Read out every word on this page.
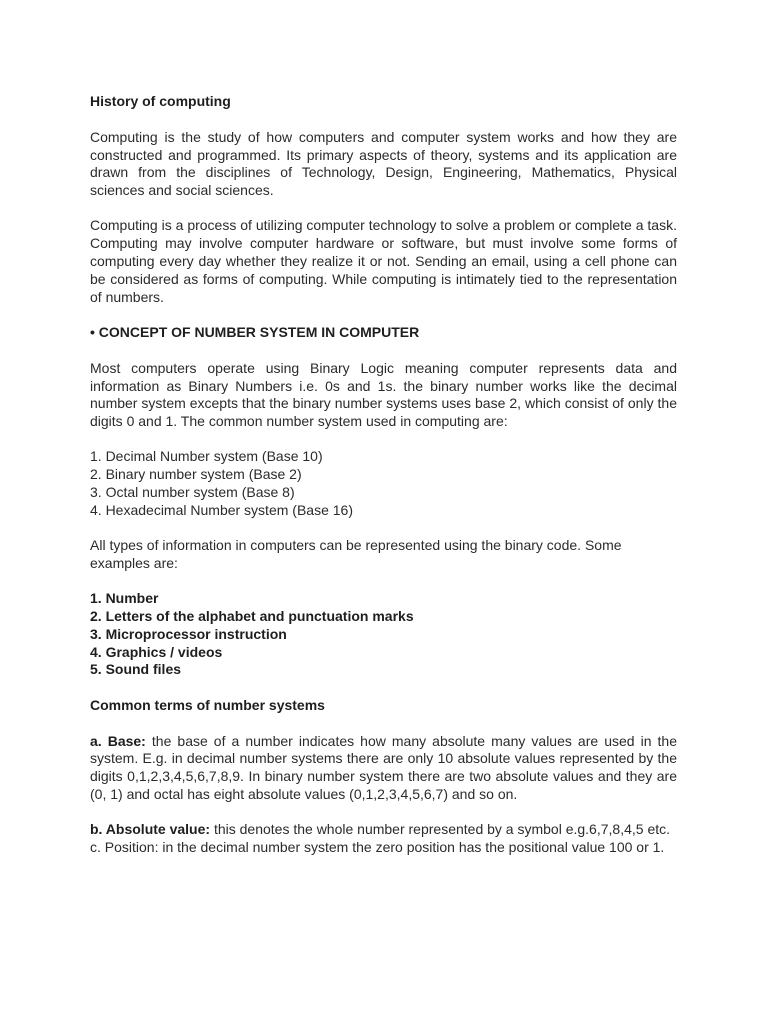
History of computing

Computing is the study of how computers and computer system works and how they are constructed and programmed. Its primary aspects of theory, systems and its application are drawn from the disciplines of Technology, Design, Engineering, Mathematics, Physical sciences and social sciences.

Computing is a process of utilizing computer technology to solve a problem or complete a task. Computing may involve computer hardware or software, but must involve some forms of computing every day whether they realize it or not. Sending an email, using a cell phone can be considered as forms of computing. While computing is intimately tied to the representation of numbers.

• CONCEPT OF NUMBER SYSTEM IN COMPUTER

Most computers operate using Binary Logic meaning computer represents data and information as Binary Numbers i.e. 0s and 1s. the binary number works like the decimal number system excepts that the binary number systems uses base 2, which consist of only the digits 0 and 1. The common number system used in computing are:

1. Decimal Number system (Base 10)
2. Binary number system (Base 2)
3. Octal number system (Base 8)
4. Hexadecimal Number system (Base 16)

All types of information in computers can be represented using the binary code. Some examples are:

1. Number
2. Letters of the alphabet and punctuation marks
3. Microprocessor instruction
4. Graphics / videos
5. Sound files
Common terms of number systems

a. Base: the base of a number indicates how many absolute many values are used in the system. E.g. in decimal number systems there are only 10 absolute values represented by the digits 0,1,2,3,4,5,6,7,8,9. In binary number system there are two absolute values and they are (0, 1) and octal has eight absolute values (0,1,2,3,4,5,6,7) and so on.

b. Absolute value: this denotes the whole number represented by a symbol e.g.6,7,8,4,5 etc.

c. Position: in the decimal number system the zero position has the positional value 100 or 1.
